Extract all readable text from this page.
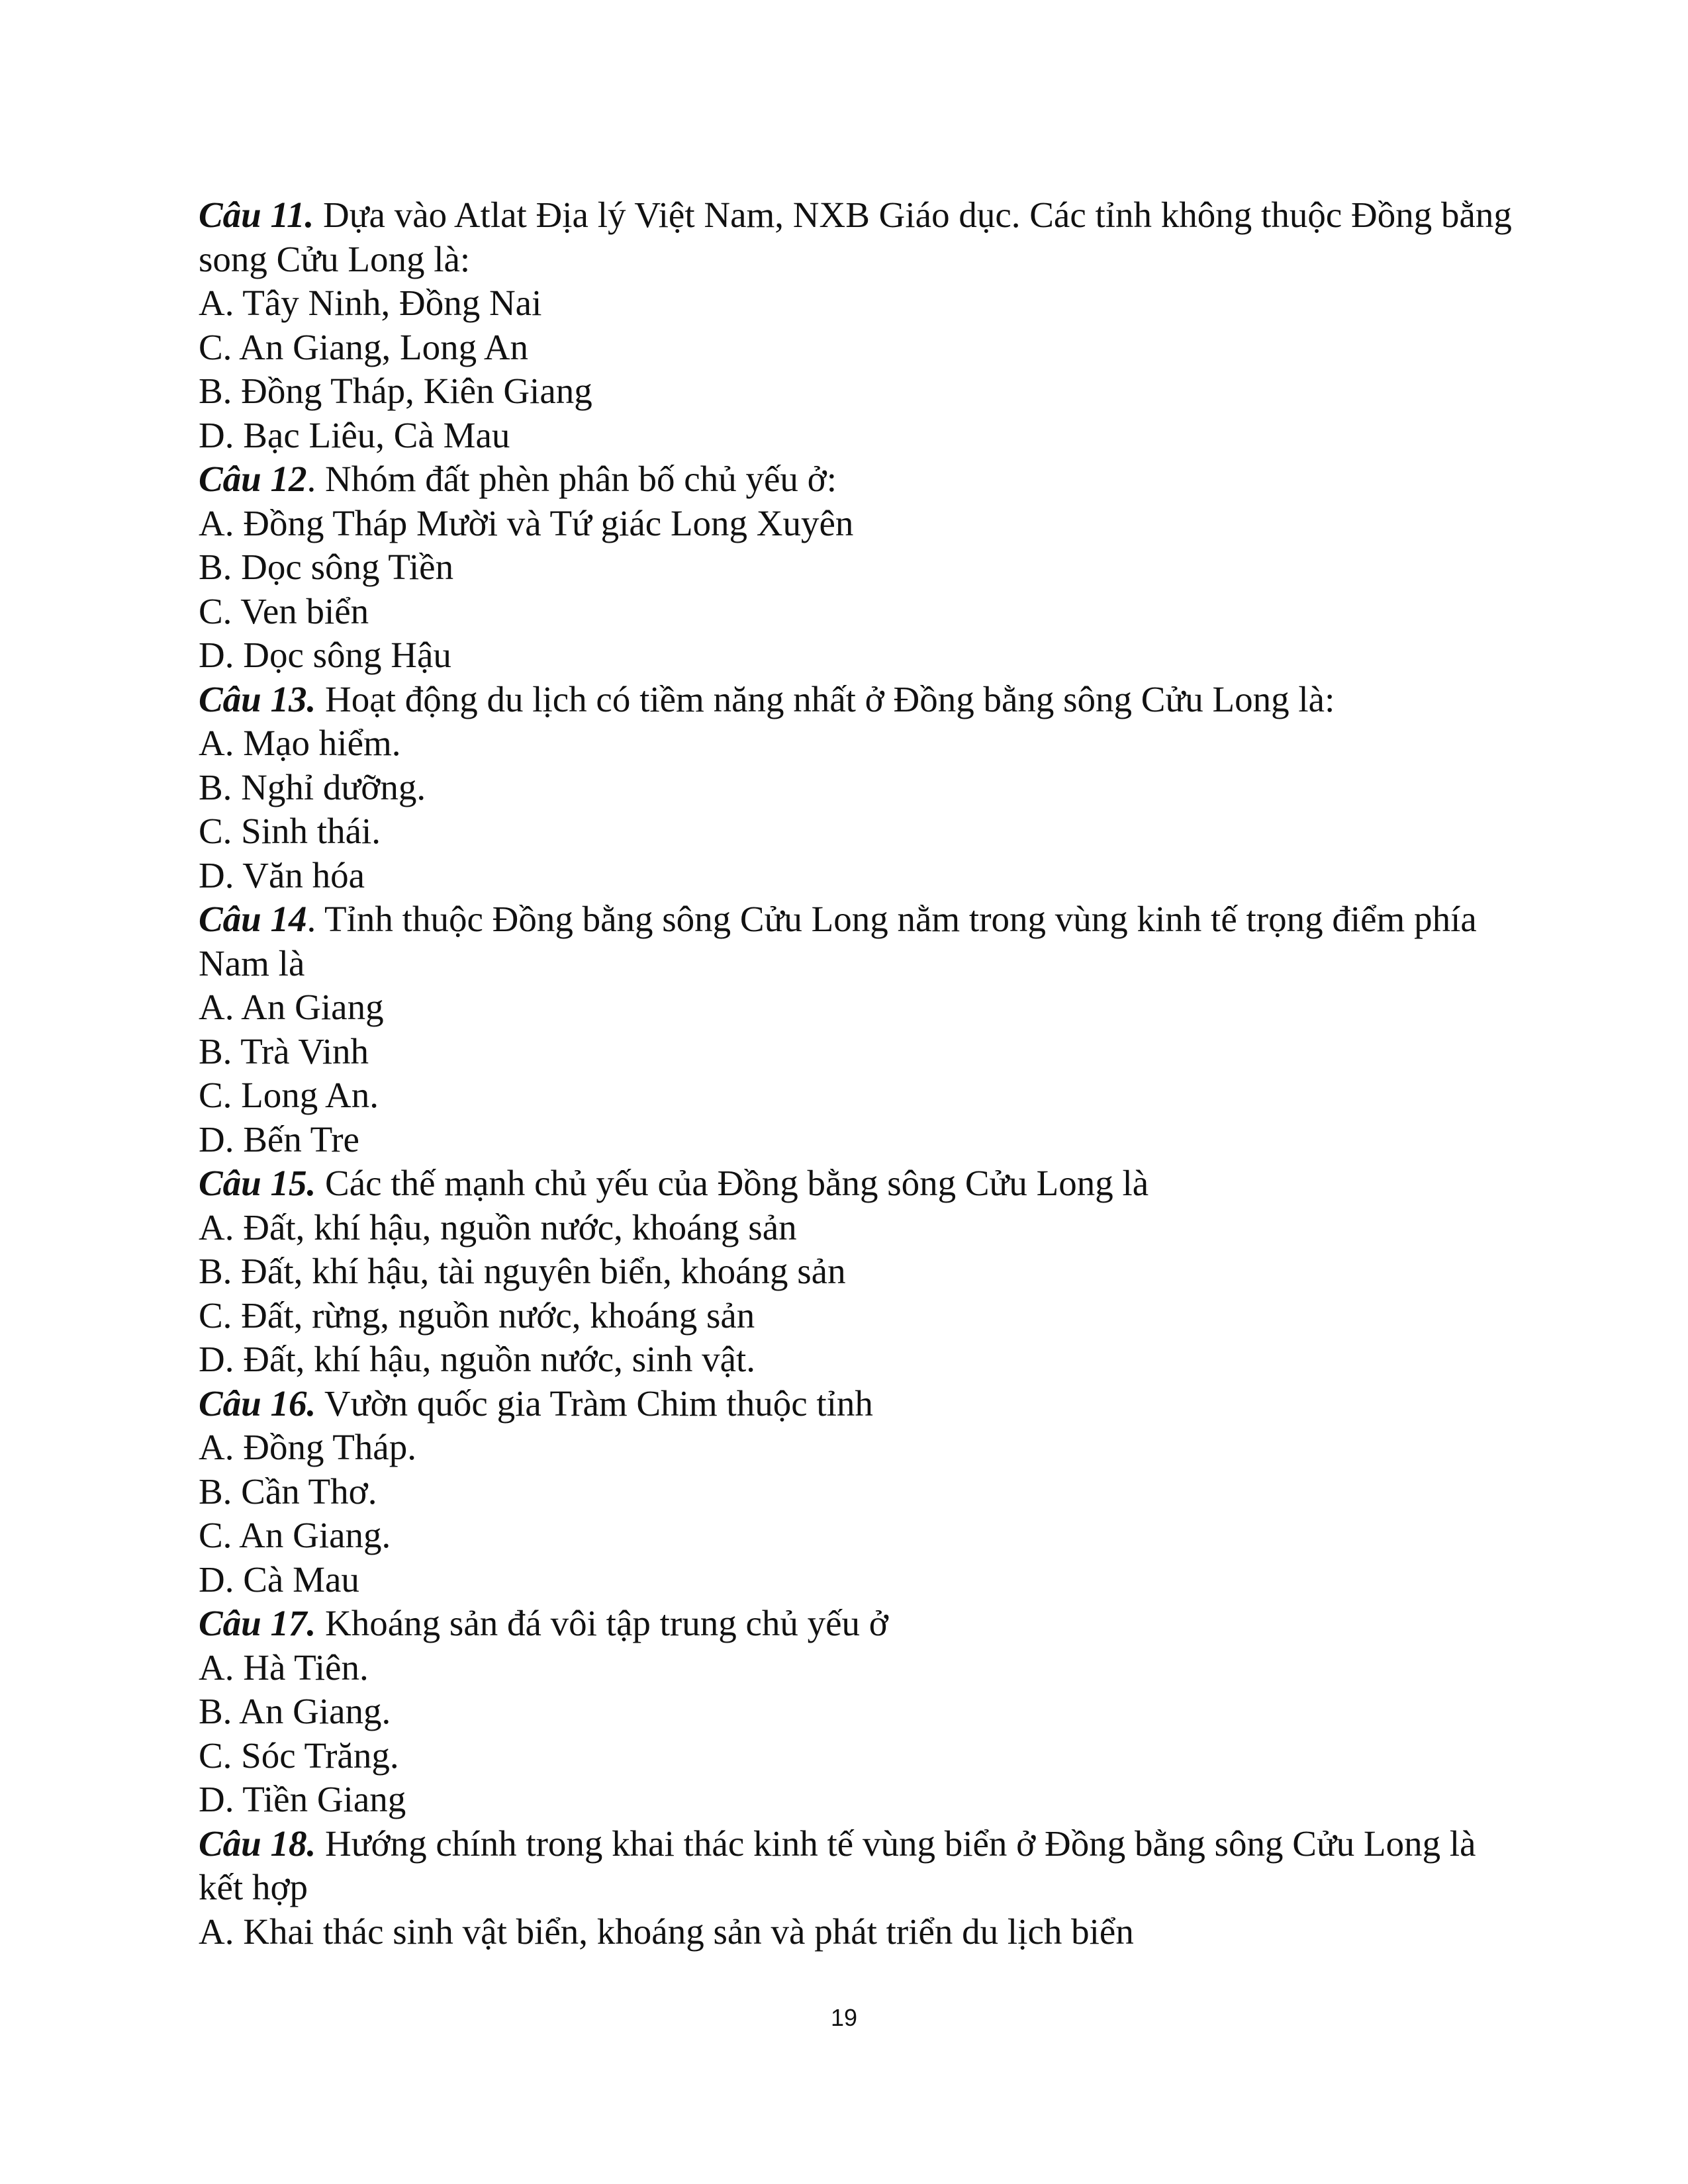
Câu 11. Dựa vào Atlat Địa lý Việt Nam, NXB Giáo dục. Các tỉnh không thuộc Đồng bằng song Cửu Long là:

A. Tây Ninh, Đồng Nai

C. An Giang, Long An

B. Đồng Tháp, Kiên Giang

D. Bạc Liêu, Cà Mau

Câu 12. Nhóm đất phèn phân bố chủ yếu ở:

A. Đồng Tháp Mười và Tứ giác Long Xuyên

B. Dọc sông Tiền

C. Ven biển

D. Dọc sông Hậu

Câu 13. Hoạt động du lịch có tiềm năng nhất ở Đồng bằng sông Cửu Long là:

A. Mạo hiểm.

B. Nghỉ dưỡng.

C. Sinh thái.

D. Văn hóa

Câu 14. Tỉnh thuộc Đồng bằng sông Cửu Long nằm trong vùng kinh tế trọng điểm phía Nam là

A. An Giang

B. Trà Vinh

C. Long An.

D. Bến Tre

Câu 15. Các thế mạnh chủ yếu của Đồng bằng sông Cửu Long là

A. Đất, khí hậu, nguồn nước, khoáng sản

B. Đất, khí hậu, tài nguyên biển, khoáng sản

C. Đất, rừng, nguồn nước, khoáng sản

D. Đất, khí hậu, nguồn nước, sinh vật.

Câu 16. Vườn quốc gia Tràm Chim thuộc tỉnh

A. Đồng Tháp.

B. Cần Thơ.

C. An Giang.

D. Cà Mau

Câu 17. Khoáng sản đá vôi tập trung chủ yếu ở

A. Hà Tiên.

B. An Giang.

C. Sóc Trăng.

D. Tiền Giang

Câu 18. Hướng chính trong khai thác kinh tế vùng biển ở Đồng bằng sông Cửu Long là kết hợp

A. Khai thác sinh vật biển, khoáng sản và phát triển du lịch biển

19
